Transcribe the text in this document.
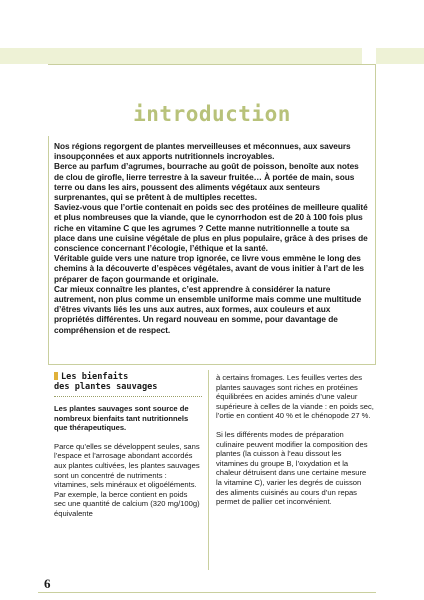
introduction

Nos régions regorgent de plantes merveilleuses et méconnues, aux saveurs insoupçonnées et aux apports nutritionnels incroyables.

Berce au parfum d’agrumes, bourrache au goût de poisson, benoîte aux notes de clou de girofle, lierre terrestre à la saveur fruitée… À portée de main, sous terre ou dans les airs, poussent des aliments végétaux aux senteurs surprenantes, qui se prêtent à de multiples recettes.

Saviez-vous que l’ortie contenait en poids sec des protéines de meilleure qualité et plus nombreuses que la viande, que le cynorrhodon est de 20 à 100 fois plus riche en vitamine C que les agrumes ? Cette manne nutritionnelle a toute sa place dans une cuisine végétale de plus en plus populaire, grâce à des prises de conscience concernant l’écologie, l’éthique et la santé.

Véritable guide vers une nature trop ignorée, ce livre vous emmène le long des chemins à la découverte d’espèces végétales, avant de vous initier à l’art de les préparer de façon gourmande et originale.

Car mieux connaître les plantes, c’est apprendre à considérer la nature autrement, non plus comme un ensemble uniforme mais comme une multitude d’êtres vivants liés les uns aux autres, aux formes, aux couleurs et aux propriétés différentes. Un regard nouveau en somme, pour davantage de compréhension et de respect.

Les bienfaits
des plantes sauvages

Les plantes sauvages sont source de nombreux bienfaits tant nutritionnels que thérapeutiques.

Parce qu’elles se développent seules, sans l’espace et l’arrosage abondant accordés aux plantes cultivées, les plantes sauvages sont un concentré de nutriments : vitamines, sels minéraux et oligoéléments. Par exemple, la berce contient en poids sec une quantité de calcium (320 mg/100g) équivalente

à certains fromages. Les feuilles vertes des plantes sauvages sont riches en protéines équilibrées en acides aminés d’une valeur supérieure à celles de la viande : en poids sec, l’ortie en contient 40 % et le chénopode 27 %.

Si les différents modes de préparation culinaire peuvent modifier la composition des plantes (la cuisson à l’eau dissout les vitamines du groupe B, l’oxydation et la chaleur détruisent dans une certaine mesure la vitamine C), varier les degrés de cuisson des aliments cuisinés au cours d’un repas permet de pallier cet inconvénient.

6
